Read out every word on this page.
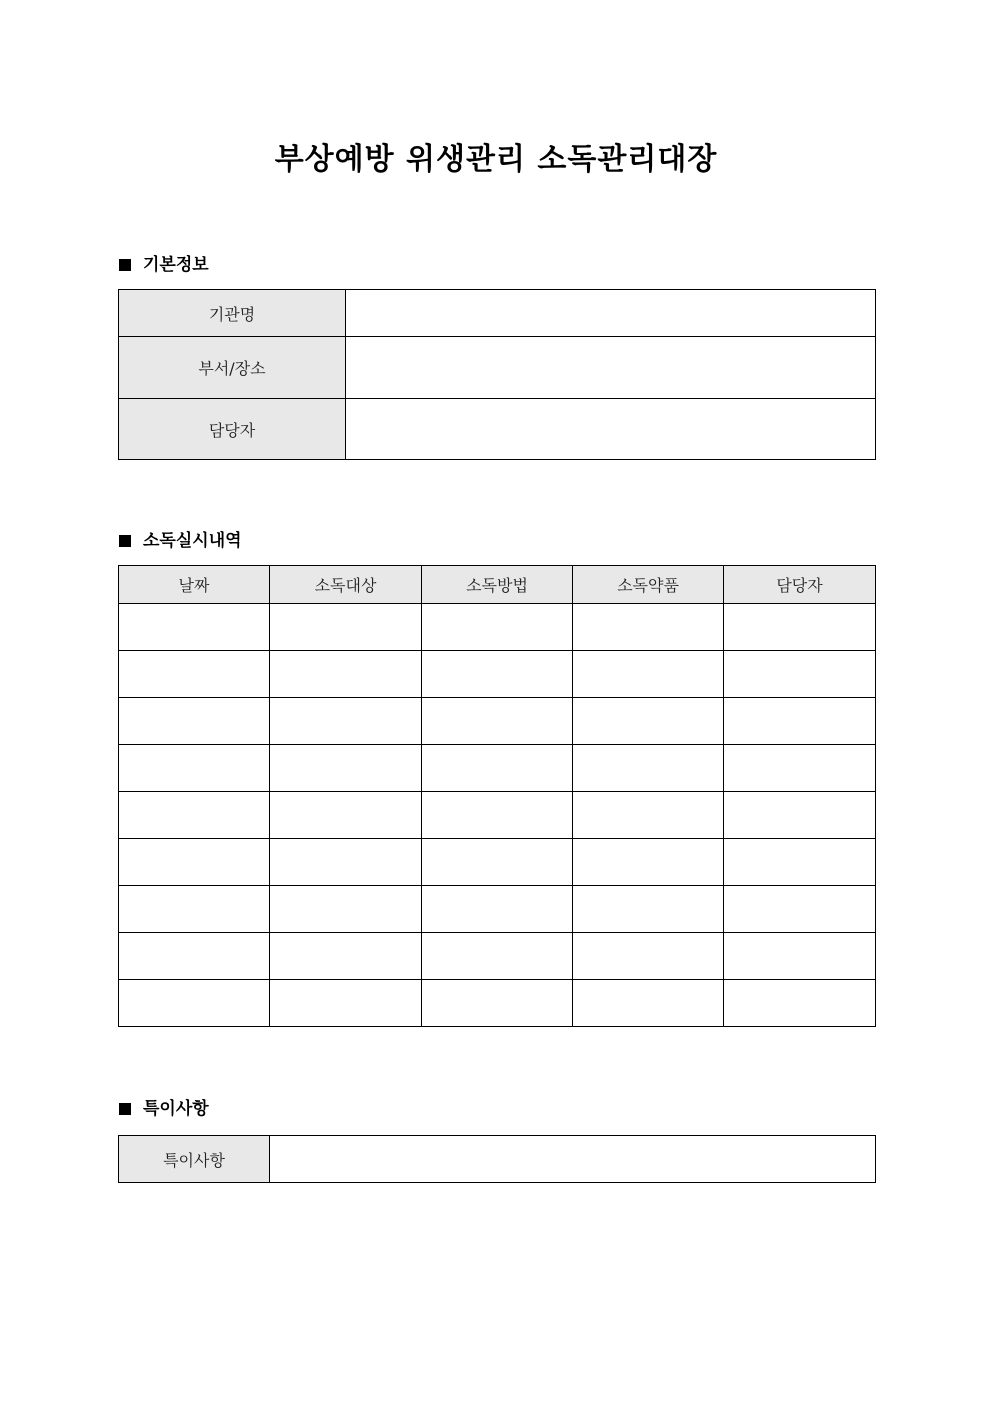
부상예방 위생관리 소독관리대장
기본정보
기관명	
부서/장소	
담당자	
소독실시내역
날짜	소독대상	소독방법	소독약품	담당자

특이사항
특이사항	
